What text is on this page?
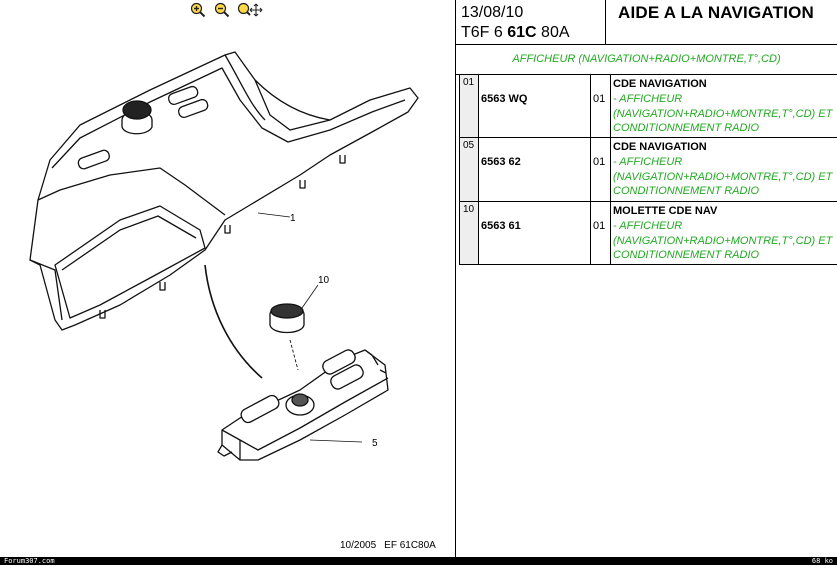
1
10
5
10/2005 EF 61C80A
13/08/10
T6F 6 61C 80A
AIDE A LA NAVIGATION
AFFICHEUR (NAVIGATION+RADIO+MONTRE,T°,CD)
01
6563 WQ	01
CDE NAVIGATION
- AFFICHEUR
(NAVIGATION+RADIO+MONTRE,T°,CD) ET
CONDITIONNEMENT RADIO
05
6563 62	01
CDE NAVIGATION
- AFFICHEUR
(NAVIGATION+RADIO+MONTRE,T°,CD) ET
CONDITIONNEMENT RADIO
10
6563 61	01
MOLETTE CDE NAV
- AFFICHEUR
(NAVIGATION+RADIO+MONTRE,T°,CD) ET
CONDITIONNEMENT RADIO
Forum307.com	68 ko
